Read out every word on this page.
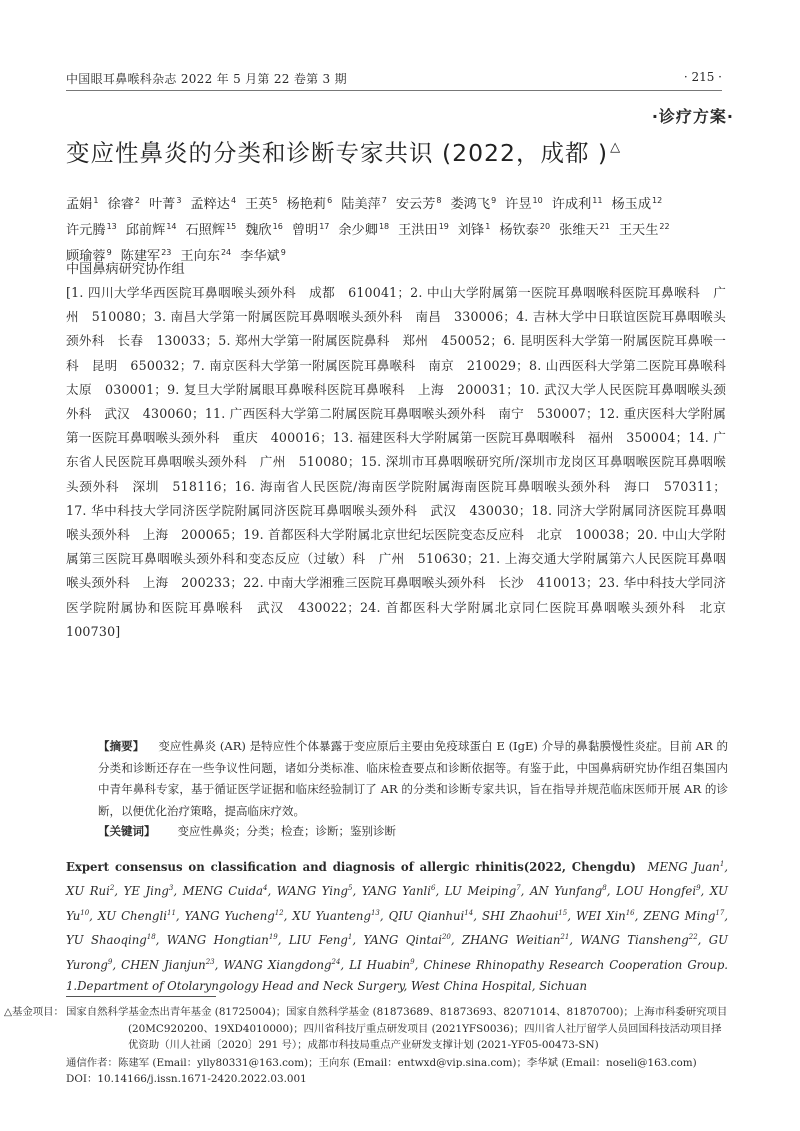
中国眼耳鼻喉科杂志 2022 年 5 月第 22 卷第 3 期	· 215 ·
·诊疗方案·
变应性鼻炎的分类和诊断专家共识 (2022，成都 ) △
孟娟$^1$ 徐睿$^2$ 叶菁$^3$ 孟粹达$^4$ 王英$^5$ 杨艳莉$^6$ 陆美萍$^7$ 安云芳$^8$ 娄鸿飞$^9$ 许昱$^{10}$ 许成利$^{11}$ 杨玉成$^{12}$许元腾$^{13}$ 邱前辉$^{14}$ 石照辉$^{15}$ 魏欣$^{16}$ 曾明$^{17}$ 余少卿$^{18}$ 王洪田$^{19}$ 刘锋$^1$ 杨钦泰$^{20}$ 张维天$^{21}$ 王天生$^{22}$顾瑜蓉$^9$ 陈建军$^{23}$ 王向东$^{24}$ 李华斌$^9$
中国鼻病研究协作组
[1. 四川大学华西医院耳鼻咽喉头颈外科　成都　610041；2. 中山大学附属第一医院耳鼻咽喉科医院耳鼻喉科　广州　510080；3. 南昌大学第一附属医院耳鼻咽喉头颈外科　南昌　330006；4. 吉林大学中日联谊医院耳鼻咽喉头颈外科　长春　130033；5. 郑州大学第一附属医院鼻科　郑州　450052；6. 昆明医科大学第一附属医院耳鼻喉一科　昆明　650032；7. 南京医科大学第一附属医院耳鼻喉科　南京　210029；8. 山西医科大学第二医院耳鼻喉科　太原　030001；9. 复旦大学附属眼耳鼻喉科医院耳鼻喉科　上海　200031；10. 武汉大学人民医院耳鼻咽喉头颈外科　武汉　430060；11. 广西医科大学第二附属医院耳鼻咽喉头颈外科　南宁　530007；12. 重庆医科大学附属第一医院耳鼻咽喉头颈外科　重庆　400016；13. 福建医科大学附属第一医院耳鼻咽喉科　福州　350004；14. 广东省人民医院耳鼻咽喉头颈外科　广州　510080；15. 深圳市耳鼻咽喉研究所/深圳市龙岗区耳鼻咽喉医院耳鼻咽喉头颈外科　深圳　518116；16. 海南省人民医院/海南医学院附属海南医院耳鼻咽喉头颈外科　海口　570311；17. 华中科技大学同济医学院附属同济医院耳鼻咽喉头颈外科　武汉　430030；18. 同济大学附属同济医院耳鼻咽喉头颈外科　上海　200065；19. 首都医科大学附属北京世纪坛医院变态反应科　北京　100038；20. 中山大学附属第三医院耳鼻咽喉头颈外科和变态反应（过敏）科　广州　510630；21. 上海交通大学附属第六人民医院耳鼻咽喉头颈外科　上海　200233；22. 中南大学湘雅三医院耳鼻咽喉头颈外科　长沙　410013；23. 华中科技大学同济医学院附属协和医院耳鼻喉科　武汉　430022；24. 首都医科大学附属北京同仁医院耳鼻咽喉头颈外科　北京　100730]
【摘要】 变应性鼻炎 (AR) 是特应性个体暴露于变应原后主要由免疫球蛋白 E (IgE) 介导的鼻黏膜慢性炎症。目前 AR 的分类和诊断还存在一些争议性问题，诸如分类标准、临床检查要点和诊断依据等。有鉴于此，中国鼻病研究协作组召集国内中青年鼻科专家，基于循证医学证据和临床经验制订了 AR 的分类和诊断专家共识，旨在指导并规范临床医师开展 AR 的诊断，以便优化治疗策略，提高临床疗效。
【关键词】 变应性鼻炎；分类；检查；诊断；鉴别诊断
Expert consensus on classification and diagnosis of allergic rhinitis(2022, Chengdu) MENG Juan$^1$, XU Rui$^2$, YE Jing$^3$, MENG Cuida$^4$, WANG Ying$^5$, YANG Yanli$^6$, LU Meiping$^7$, AN Yunfang$^8$, LOU Hongfei$^9$, XU Yu$^{10}$, XU Chengli$^{11}$, YANG Yucheng$^{12}$, XU Yuanteng$^{13}$, QIU Qianhui$^{14}$, SHI Zhaohui$^{15}$, WEI Xin$^{16}$, ZENG Ming$^{17}$, YU Shaoqing$^{18}$, WANG Hongtian$^{19}$, LIU Feng$^1$, YANG Qintai$^{20}$, ZHANG Weitian$^{21}$, WANG Tiansheng$^{22}$, GU Yurong$^9$, CHEN Jianjun$^{23}$, WANG Xiangdong$^{24}$, LI Huabin$^9$, Chinese Rhinopathy Research Cooperation Group. 1.Department of Otolaryngology Head and Neck Surgery, West China Hospital, Sichuan
△基金项目： 国家自然科学基金杰出青年基金 (81725004)；国家自然科学基金 (81873689、81873693、82071014、81870700)；上海市科委研究项目 (20MC920200、19XD4010000)；四川省科技厅重点研发项目 (2021YFS0036)；四川省人社厅留学人员回国科技活动项目择优资助（川人社函〔2020〕291 号）；成都市科技局重点产业研发支撑计划 (2021-YF05-00473-SN)
通信作者：陈建军 (Email：ylly80331@163.com)；王向东 (Email：entwxd@vip.sina.com)；李华斌 (Email：noseli@163.com)
DOI：10.14166/j.issn.1671-2420.2022.03.001
